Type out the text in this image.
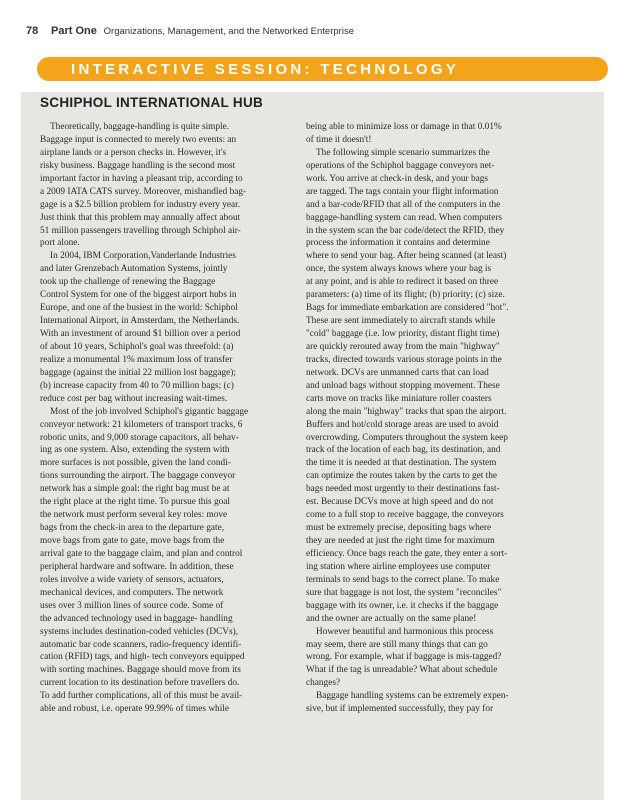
78 Part One Organizations, Management, and the Networked Enterprise
INTERACTIVE SESSION: TECHNOLOGY
SCHIPHOL INTERNATIONAL HUB
Theoretically, baggage-handling is quite simple.
Baggage input is connected to merely two events: an
airplane lands or a person checks in. However, it's
risky business. Baggage handling is the second most
important factor in having a pleasant trip, according to
a 2009 IATA CATS survey. Moreover, mishandled bag-
gage is a $2.5 billion problem for industry every year.
Just think that this problem may annually affect about
51 million passengers travelling through Schiphol air-
port alone.
In 2004, IBM Corporation,Vanderlande Industries
and later Grenzebach Automation Systems, jointly
took up the challenge of renewing the Baggage
Control System for one of the biggest airport hubs in
Europe, and one of the busiest in the world: Schiphol
International Airport, in Amsterdam, the Netherlands.
With an investment of around $1 billion over a period
of about 10 years, Schiphol's goal was threefold: (a)
realize a monumental 1% maximum loss of transfer
baggage (against the initial 22 million lost baggage);
(b) increase capacity from 40 to 70 million bags; (c)
reduce cost per bag without increasing wait-times.
Most of the job involved Schiphol's gigantic baggage
conveyor network: 21 kilometers of transport tracks, 6
robotic units, and 9,000 storage capacitors, all behav-
ing as one system. Also, extending the system with
more surfaces is not possible, given the land condi-
tions surrounding the airport. The baggage conveyor
network has a simple goal: the right bag must be at
the right place at the right time. To pursue this goal
the network must perform several key roles: move
bags from the check-in area to the departure gate,
move bags from gate to gate, move bags from the
arrival gate to the baggage claim, and plan and control
peripheral hardware and software. In addition, these
roles involve a wide variety of sensors, actuators,
mechanical devices, and computers. The network
uses over 3 million lines of source code. Some of
the advanced technology used in baggage- handling
systems includes destination-coded vehicles (DCVs),
automatic bar code scanners, radio-frequency identifi-
cation (RFID) tags, and high- tech conveyors equipped
with sorting machines. Baggage should move from its
current location to its destination before travellers do.
To add further complications, all of this must be avail-
able and robust, i.e. operate 99.99% of times while
being able to minimize loss or damage in that 0.01%
of time it doesn't!
The following simple scenario summarizes the
operations of the Schiphol baggage conveyors net-
work. You arrive at check-in desk, and your bags
are tagged. The tags contain your flight information
and a bar-code/RFID that all of the computers in the
baggage-handling system can read. When computers
in the system scan the bar code/detect the RFID, they
process the information it contains and determine
where to send your bag. After being scanned (at least)
once, the system always knows where your bag is
at any point, and is able to redirect it based on three
parameters: (a) time of its flight; (b) priority; (c) size.
Bags for immediate embarkation are considered "hot".
These are sent immediately to aircraft stands while
"cold" baggage (i.e. low priority, distant flight time)
are quickly rerouted away from the main "highway"
tracks, directed towards various storage points in the
network. DCVs are unmanned carts that can load
and unload bags without stopping movement. These
carts move on tracks like miniature roller coasters
along the main "highway" tracks that span the airport.
Buffers and hot/cold storage areas are used to avoid
overcrowding. Computers throughout the system keep
track of the location of each bag, its destination, and
the time it is needed at that destination. The system
can optimize the routes taken by the carts to get the
bags needed most urgently to their destinations fast-
est. Because DCVs move at high speed and do not
come to a full stop to receive baggage, the conveyors
must be extremely precise, depositing bags where
they are needed at just the right time for maximum
efficiency. Once bags reach the gate, they enter a sort-
ing station where airline employees use computer
terminals to send bags to the correct plane. To make
sure that baggage is not lost, the system "reconciles"
baggage with its owner, i.e. it checks if the baggage
and the owner are actually on the same plane!
However beautiful and harmonious this process
may seem, there are still many things that can go
wrong. For example, what if baggage is mis-tagged?
What if the tag is unreadable? What about schedule
changes?
Baggage handling systems can be extremely expen-
sive, but if implemented successfully, they pay for
